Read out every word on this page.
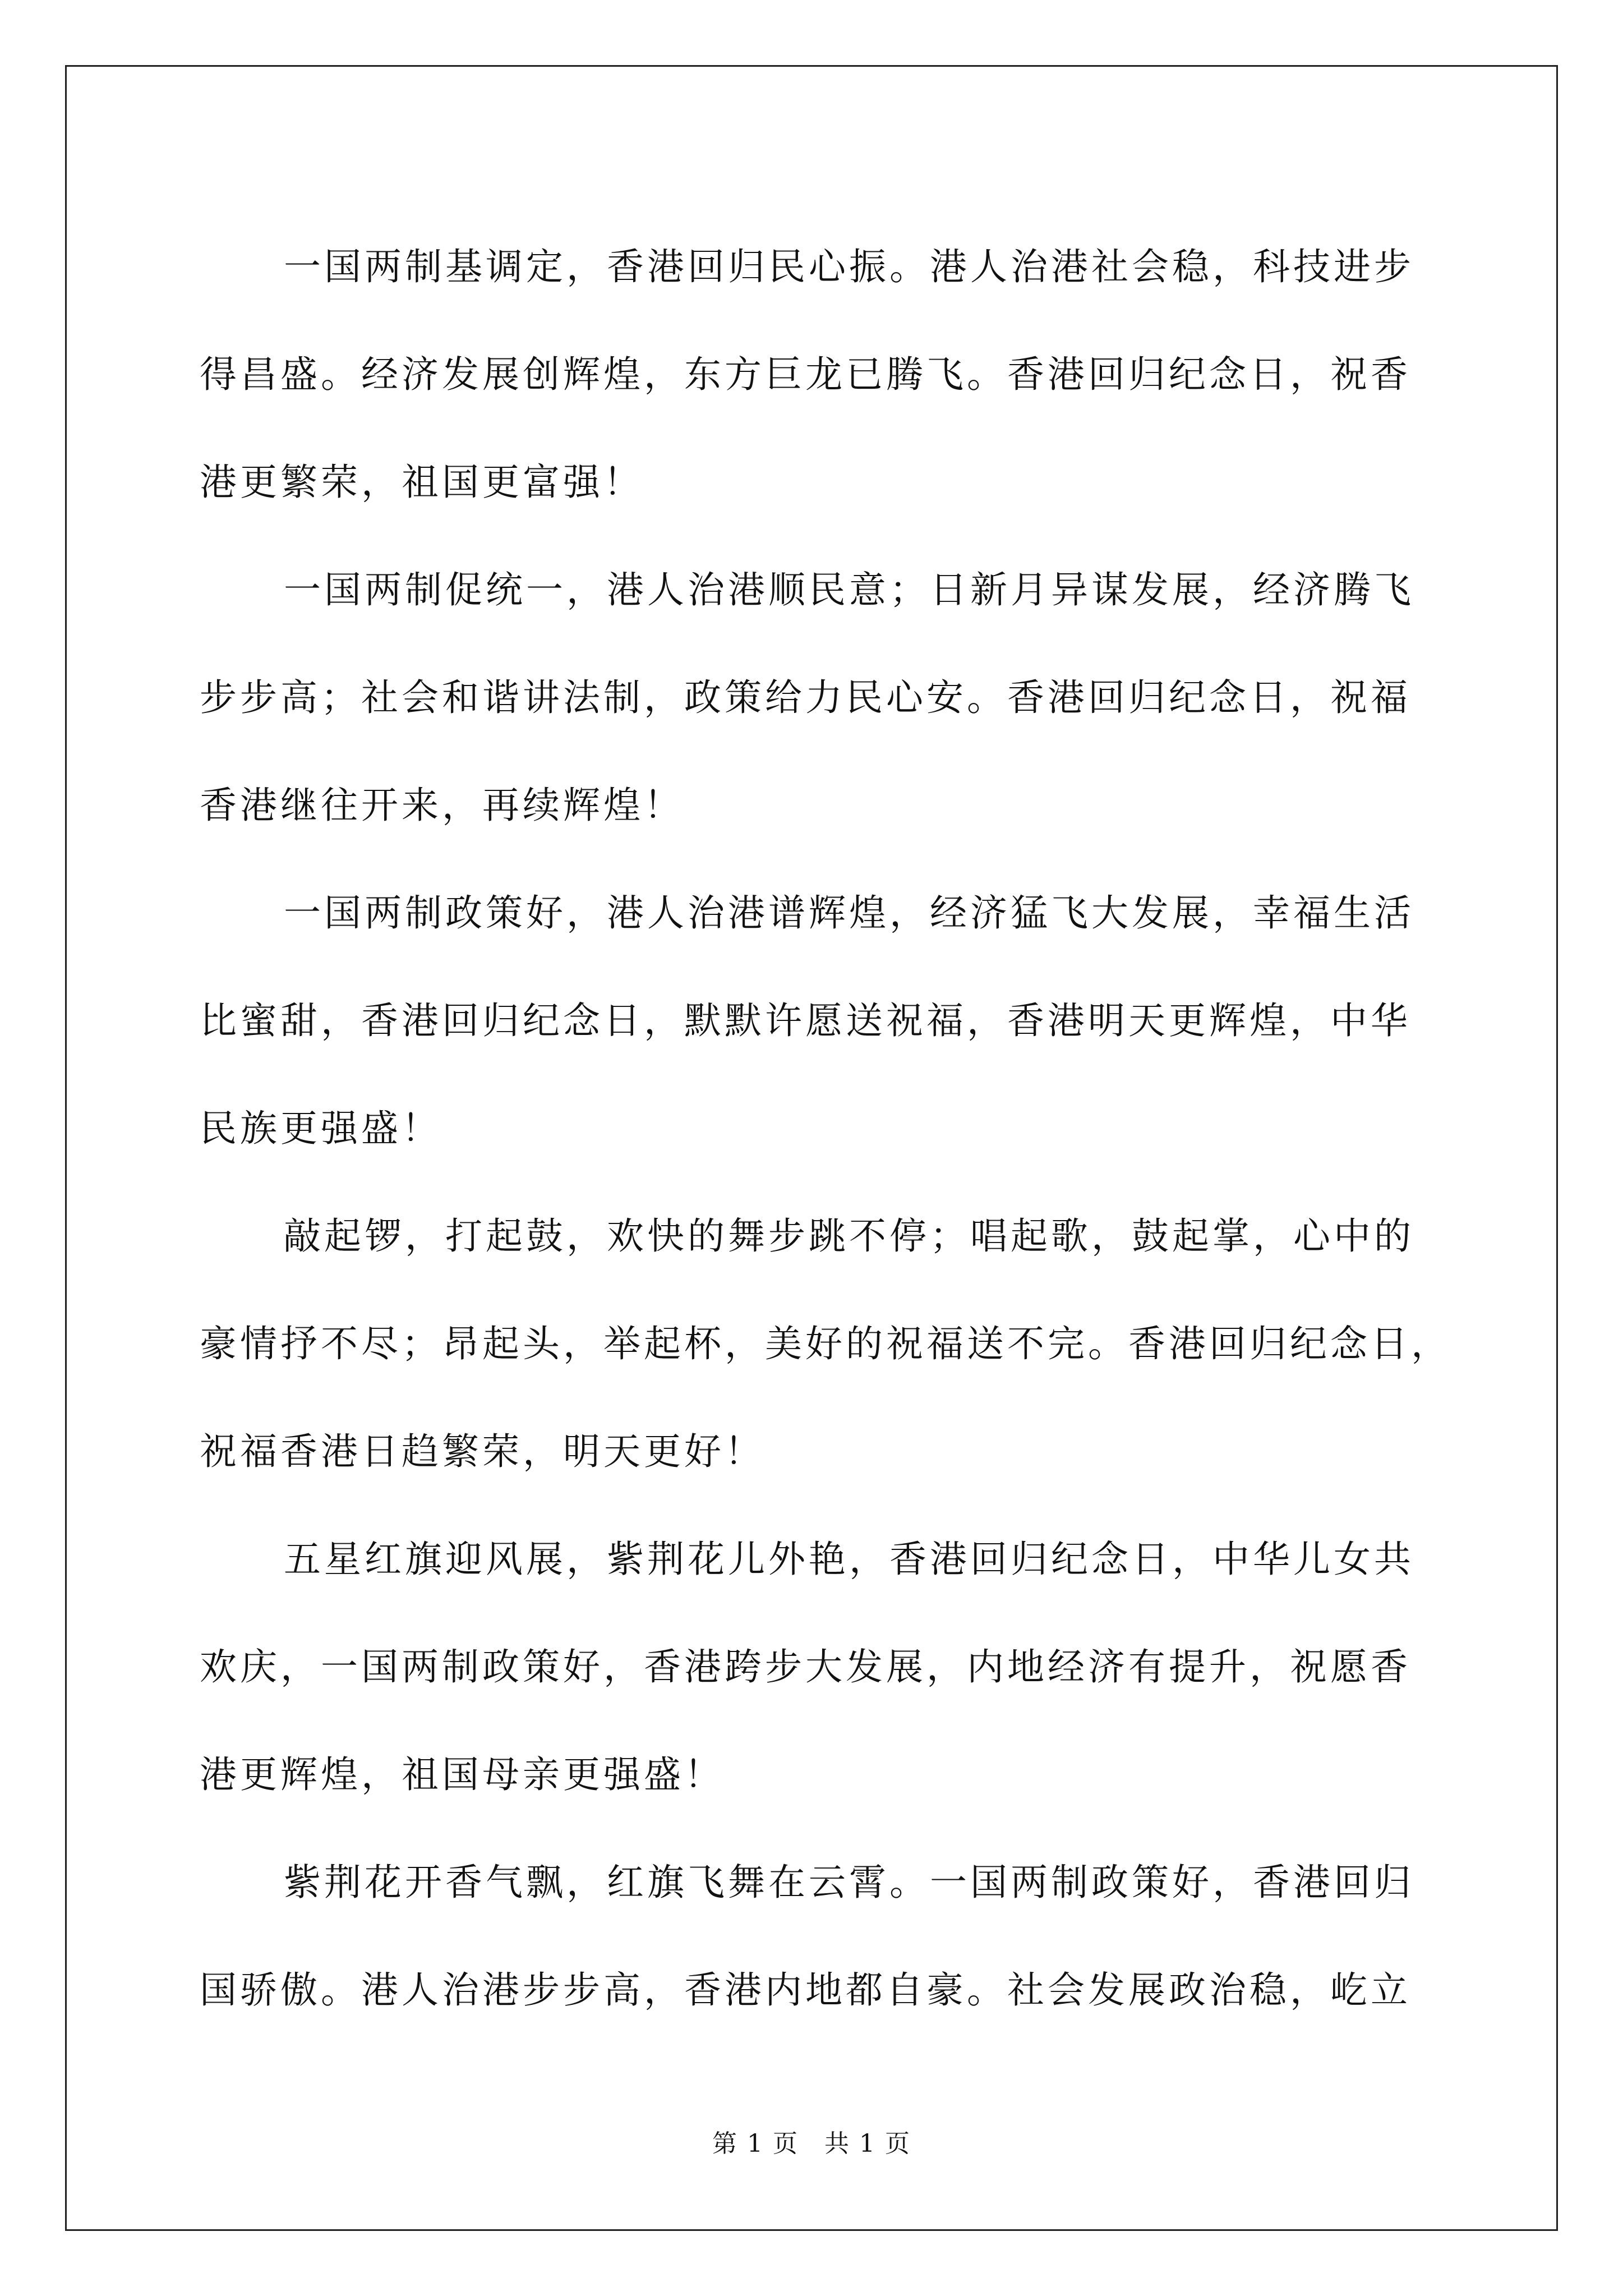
一国两制基调定，香港回归民心振。港人治港社会稳，科技进步
得昌盛。经济发展创辉煌，东方巨龙已腾飞。香港回归纪念日，祝香
港更繁荣，祖国更富强！

一国两制促统一，港人治港顺民意；日新月异谋发展，经济腾飞
步步高；社会和谐讲法制，政策给力民心安。香港回归纪念日，祝福
香港继往开来，再续辉煌！

一国两制政策好，港人治港谱辉煌，经济猛飞大发展，幸福生活
比蜜甜，香港回归纪念日，默默许愿送祝福，香港明天更辉煌，中华
民族更强盛！

敲起锣，打起鼓，欢快的舞步跳不停；唱起歌，鼓起掌，心中的
豪情抒不尽；昂起头，举起杯，美好的祝福送不完。香港回归纪念日，
祝福香港日趋繁荣，明天更好！

五星红旗迎风展，紫荆花儿外艳，香港回归纪念日，中华儿女共
欢庆，一国两制政策好，香港跨步大发展，内地经济有提升，祝愿香
港更辉煌，祖国母亲更强盛！

紫荆花开香气飘，红旗飞舞在云霄。一国两制政策好，香港回归
国骄傲。港人治港步步高，香港内地都自豪。社会发展政治稳，屹立

第 1 页　共 1 页
